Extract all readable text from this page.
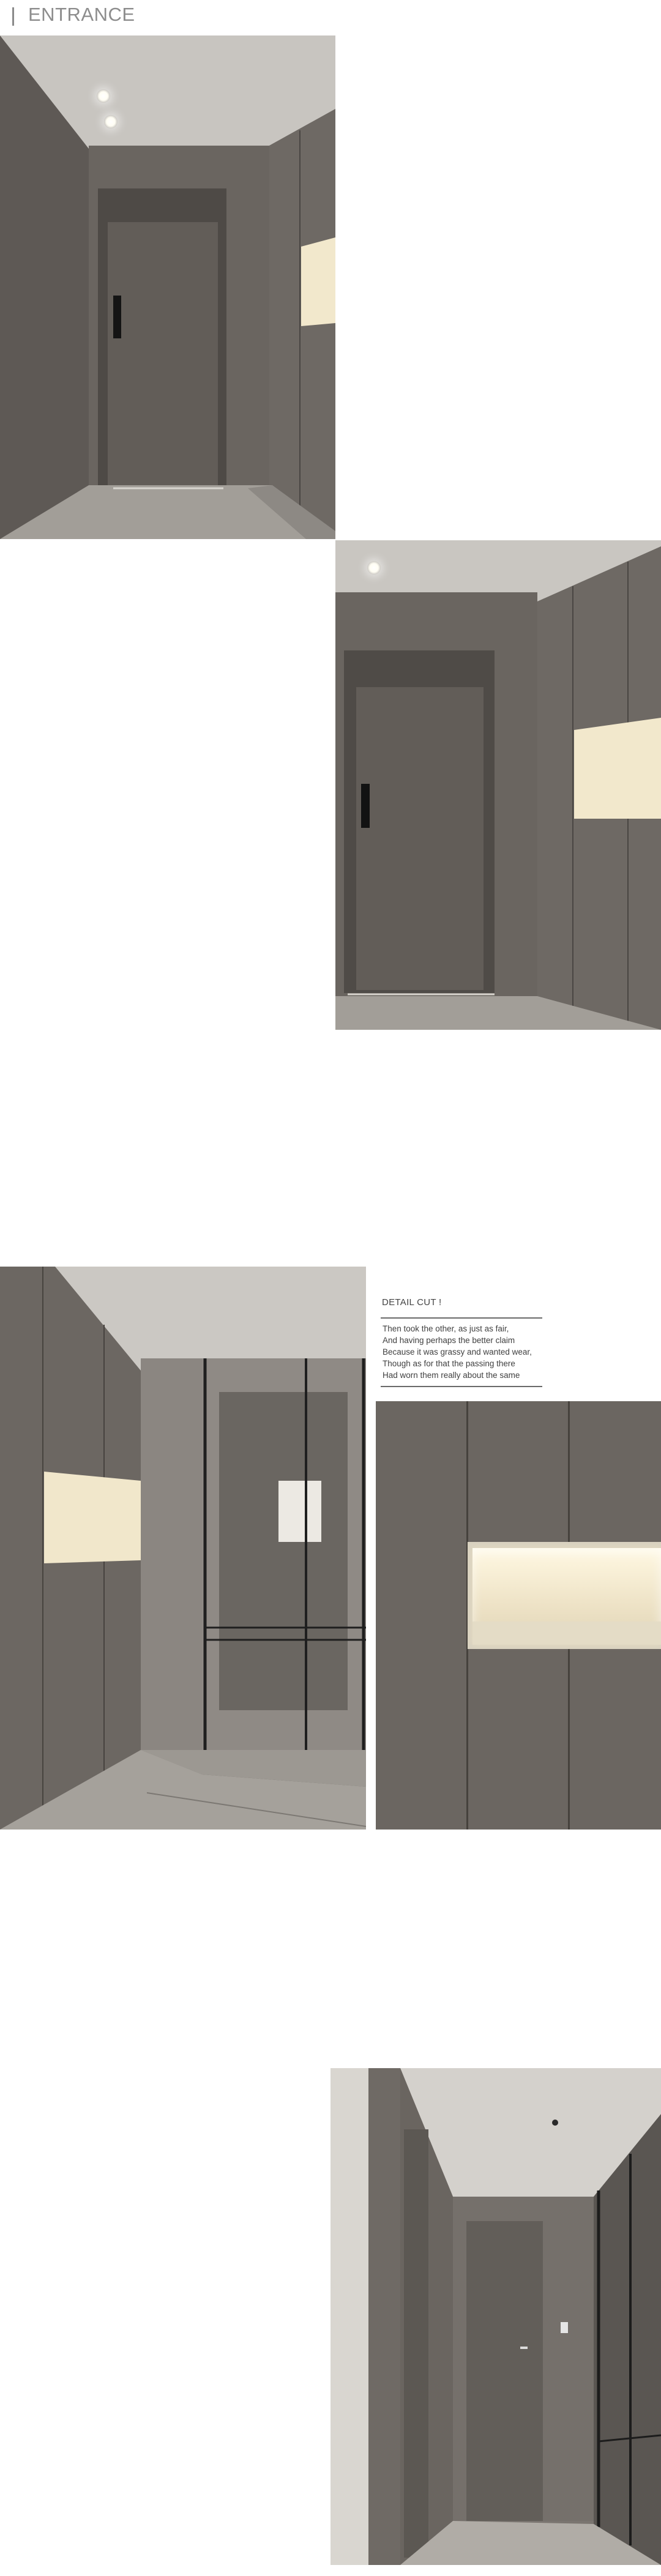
ENTRANCE
DETAIL CUT !
Then took the other, as just as fair,
And having perhaps the better claim
Because it was grassy and wanted wear,
Though as for that the passing there
Had worn them really about the same
